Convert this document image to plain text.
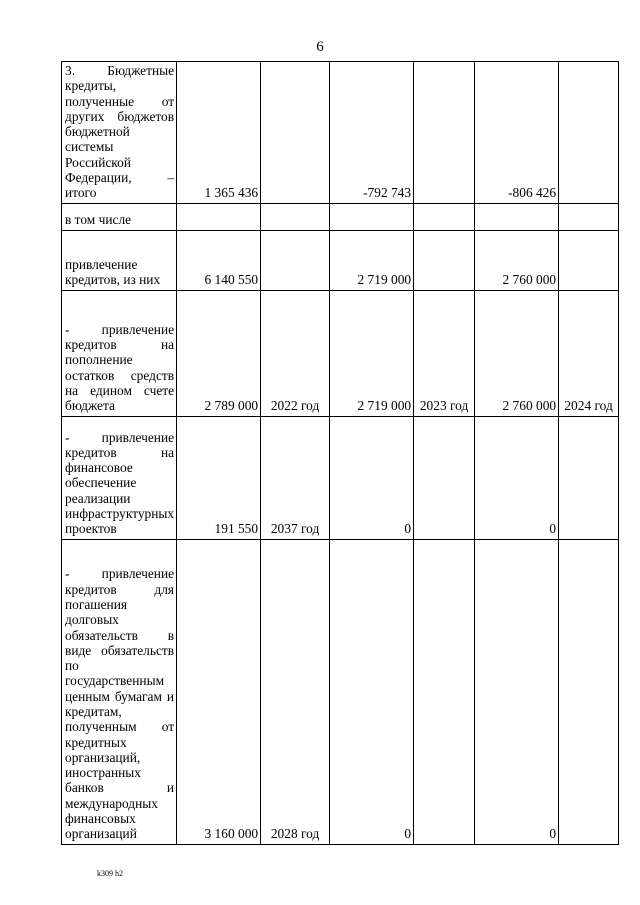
6
3. Бюджетные кредиты, полученные от других бюджетов бюджетной системы Российской Федерации, – итого	1 365 436		-792 743		-806 426	
в том числе						
привлечение кредитов, из них	6 140 550		2 719 000		2 760 000	
- привлечение кредитов на пополнение остатков средств на едином счете бюджета	2 789 000	2022 год	2 719 000	2023 год	2 760 000	2024 год
- привлечение кредитов на финансовое обеспечение реализации инфраструктурных проектов	191 550	2037 год	0		0	
- привлечение кредитов для погашения долговых обязательств в виде обязательств по государственным ценным бумагам и кредитам, полученным от кредитных организаций, иностранных банков и международных финансовых организаций	3 160 000	2028 год	0		0	
k309 h2
